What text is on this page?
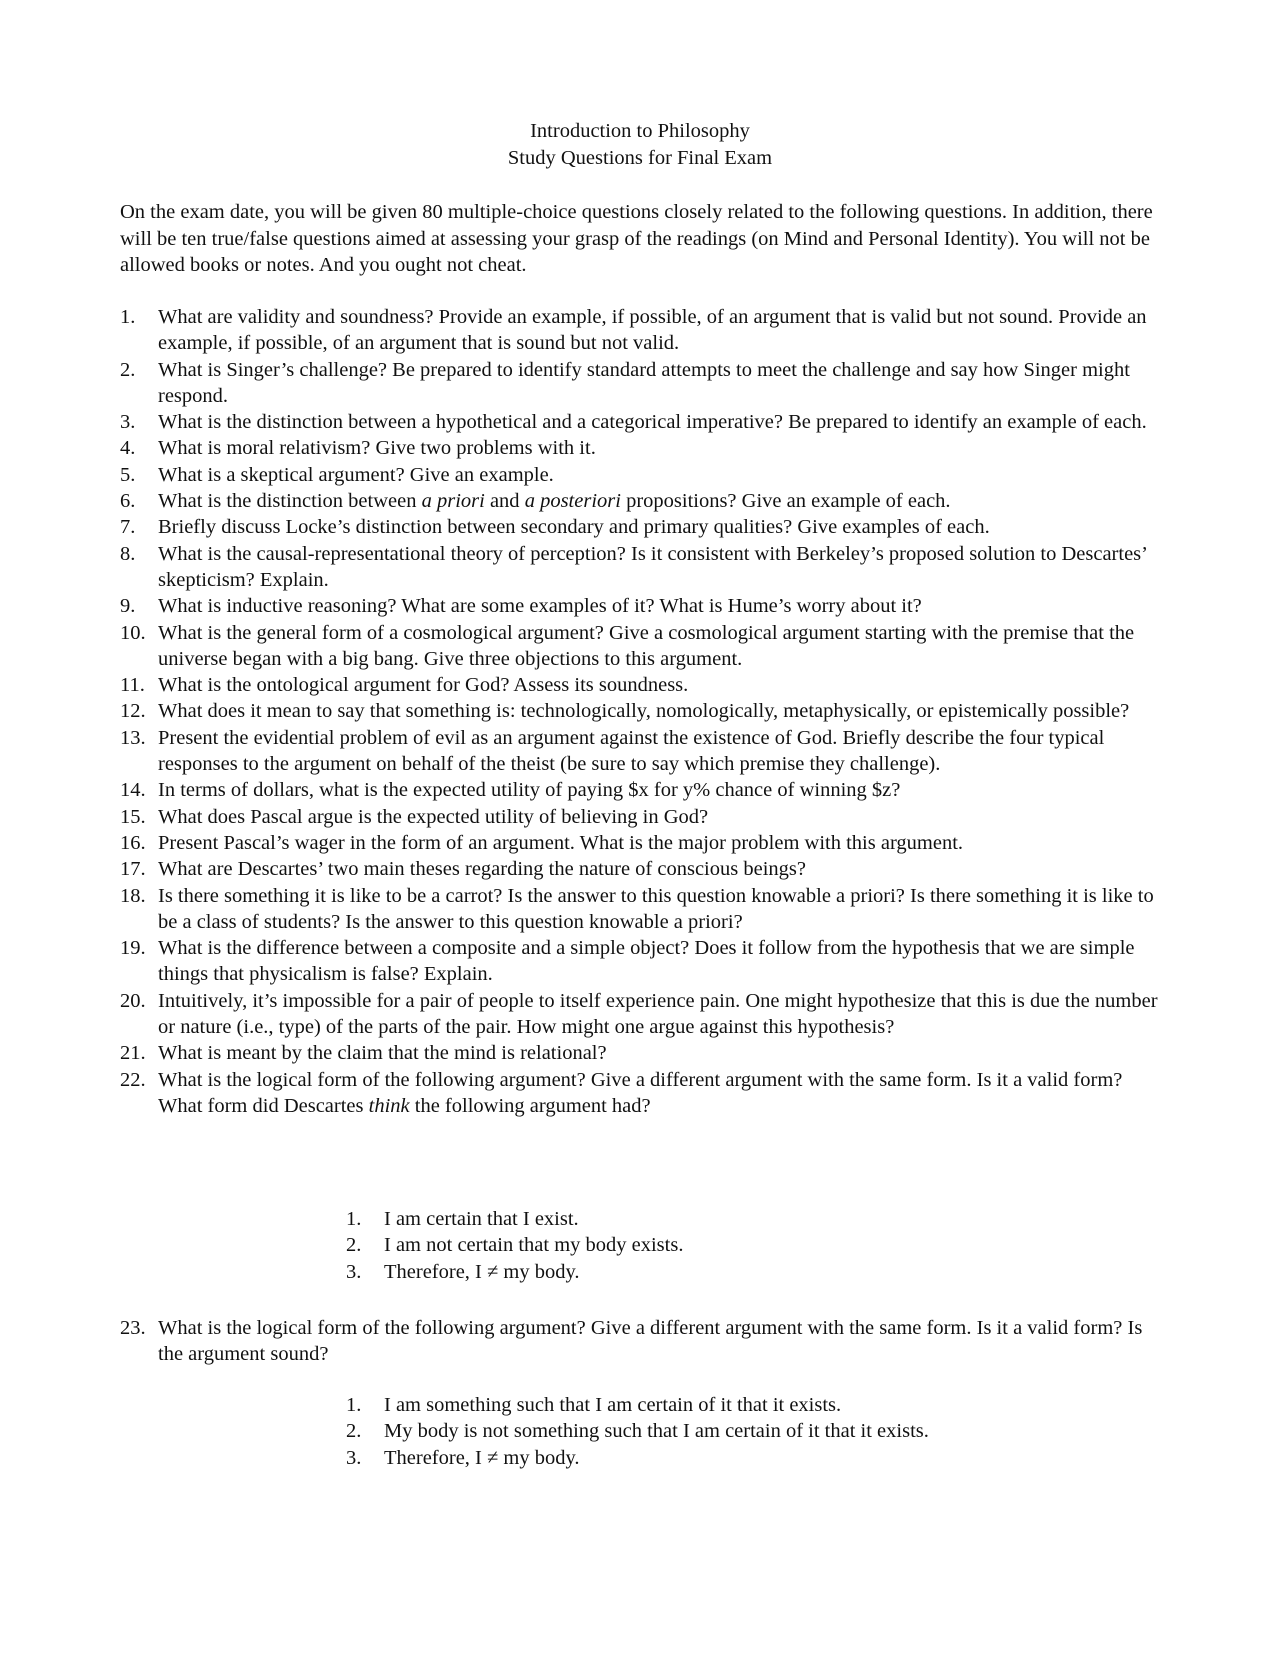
Introduction to Philosophy
Study Questions for Final Exam

On the exam date, you will be given 80 multiple-choice questions closely related to the following questions. In addition, there will be ten true/false questions aimed at assessing your grasp of the readings (on Mind and Personal Identity). You will not be allowed books or notes. And you ought not cheat.

1.	What are validity and soundness? Provide an example, if possible, of an argument that is valid but not sound. Provide an example, if possible, of an argument that is sound but not valid.
2.	What is Singer’s challenge? Be prepared to identify standard attempts to meet the challenge and say how Singer might respond.
3.	What is the distinction between a hypothetical and a categorical imperative? Be prepared to identify an example of each.
4.	What is moral relativism? Give two problems with it.
5.	What is a skeptical argument? Give an example.
6.	What is the distinction between a priori and a posteriori propositions? Give an example of each.
7.	Briefly discuss Locke’s distinction between secondary and primary qualities? Give examples of each.
8.	What is the causal-representational theory of perception? Is it consistent with Berkeley’s proposed solution to Descartes’ skepticism? Explain.
9.	What is inductive reasoning? What are some examples of it? What is Hume’s worry about it?
10. What is the general form of a cosmological argument? Give a cosmological argument starting with the premise that the universe began with a big bang. Give three objections to this argument.
11. What is the ontological argument for God? Assess its soundness.
12. What does it mean to say that something is: technologically, nomologically, metaphysically, or epistemically possible?
13. Present the evidential problem of evil as an argument against the existence of God. Briefly describe the four typical responses to the argument on behalf of the theist (be sure to say which premise they challenge).
14. In terms of dollars, what is the expected utility of paying $x for y% chance of winning $z?
15. What does Pascal argue is the expected utility of believing in God?
16. Present Pascal’s wager in the form of an argument. What is the major problem with this argument.
17. What are Descartes’ two main theses regarding the nature of conscious beings?
18. Is there something it is like to be a carrot? Is the answer to this question knowable a priori? Is there something it is like to be a class of students? Is the answer to this question knowable a priori?
19. What is the difference between a composite and a simple object? Does it follow from the hypothesis that we are simple things that physicalism is false? Explain.
20. Intuitively, it’s impossible for a pair of people to itself experience pain. One might hypothesize that this is due the number or nature (i.e., type) of the parts of the pair. How might one argue against this hypothesis?
21. What is meant by the claim that the mind is relational?
22. What is the logical form of the following argument? Give a different argument with the same form. Is it a valid form? What form did Descartes think the following argument had?
1. I am certain that I exist.
2. I am not certain that my body exists.
3. Therefore, I ≠ my body.
23. What is the logical form of the following argument? Give a different argument with the same form. Is it a valid form? Is the argument sound?
1. I am something such that I am certain of it that it exists.
2. My body is not something such that I am certain of it that it exists.
3. Therefore, I ≠ my body.
